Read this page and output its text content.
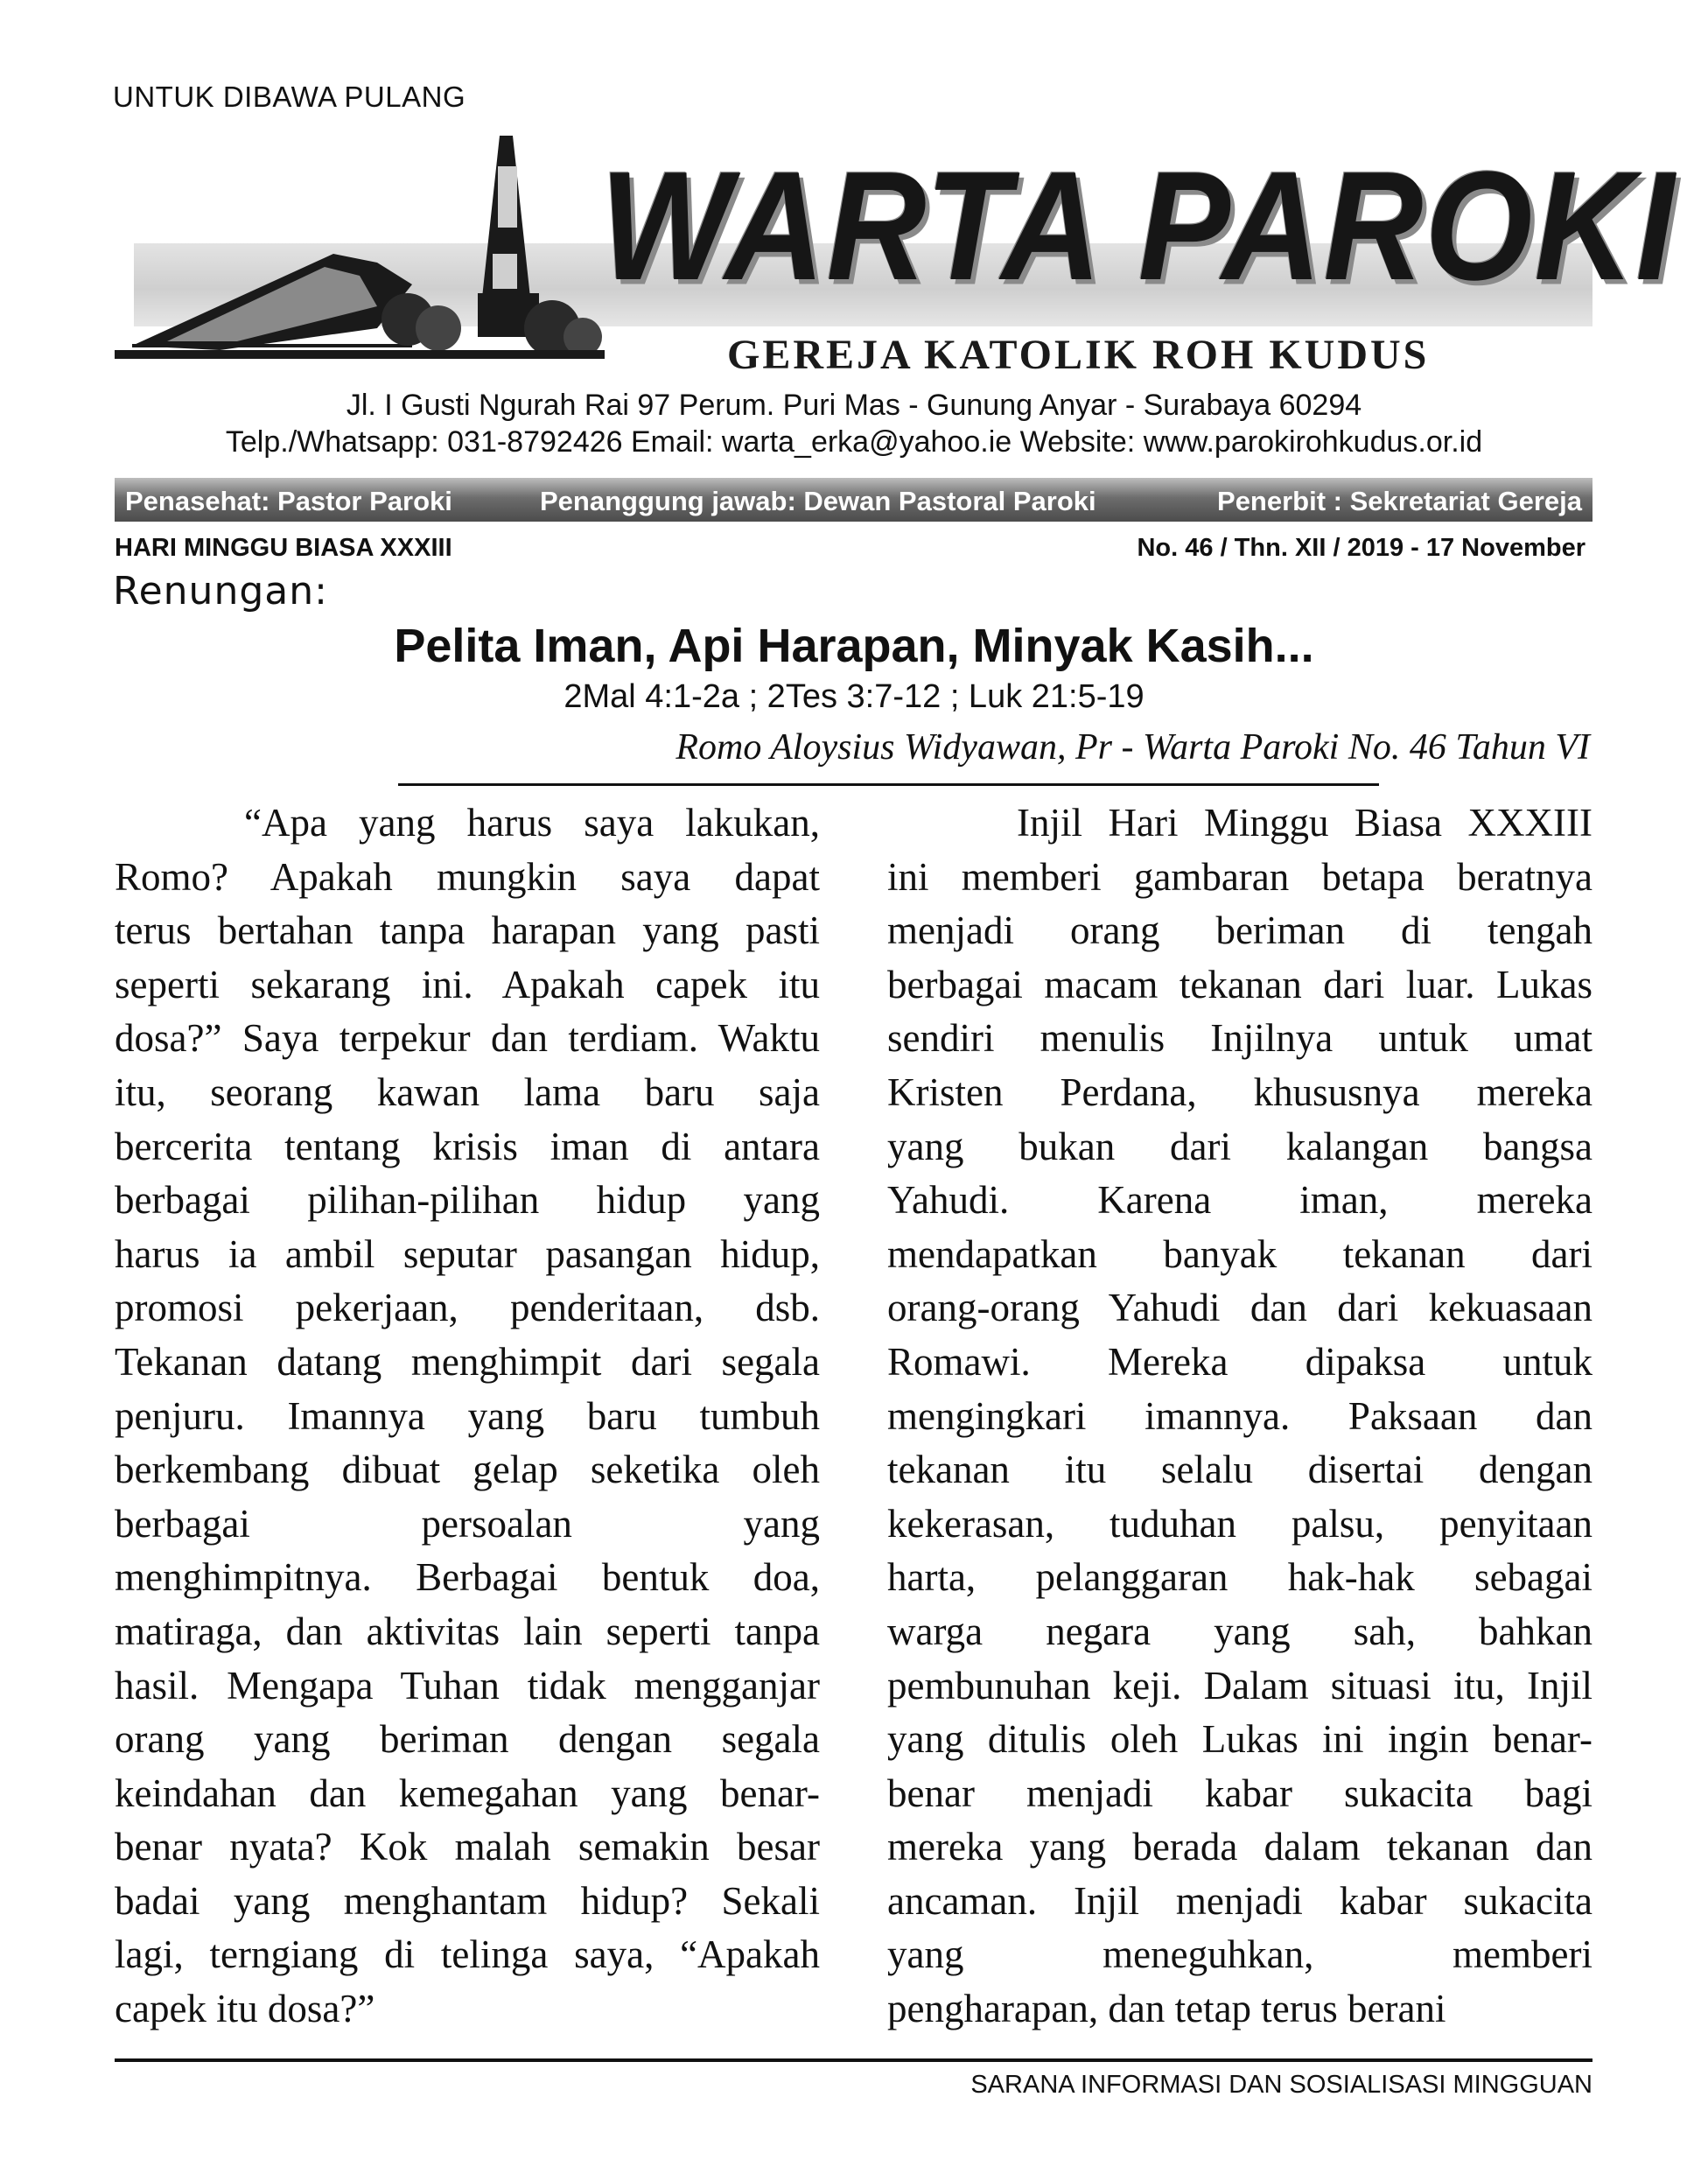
UNTUK DIBAWA PULANG
WARTA PAROKI
GEREJA KATOLIK ROH KUDUS
Jl. I Gusti Ngurah Rai 97 Perum. Puri Mas - Gunung Anyar - Surabaya 60294
Telp./Whatsapp: 031-8792426 Email: warta_erka@yahoo.ie Website: www.parokirohkudus.or.id
Penasehat: Pastor Paroki	Penanggung jawab: Dewan Pastoral Paroki	Penerbit : Sekretariat Gereja
HARI MINGGU BIASA XXXIII	No. 46 / Thn. XII / 2019 - 17 November
Renungan:
Pelita Iman, Api Harapan, Minyak Kasih...
2Mal 4:1-2a ; 2Tes 3:7-12 ; Luk 21:5-19
Romo Aloysius Widyawan, Pr - Warta Paroki No. 46 Tahun VI
“Apa yang harus saya lakukan,
Romo? Apakah mungkin saya dapat
terus bertahan tanpa harapan yang pasti
seperti sekarang ini. Apakah capek itu
dosa?” Saya terpekur dan terdiam. Waktu
itu, seorang kawan lama baru saja
bercerita tentang krisis iman di antara
berbagai pilihan-pilihan hidup yang
harus ia ambil seputar pasangan hidup,
promosi pekerjaan, penderitaan, dsb.
Tekanan datang menghimpit dari segala
penjuru. Imannya yang baru tumbuh
berkembang dibuat gelap seketika oleh
berbagai persoalan yang
menghimpitnya. Berbagai bentuk doa,
matiraga, dan aktivitas lain seperti tanpa
hasil. Mengapa Tuhan tidak mengganjar
orang yang beriman dengan segala
keindahan dan kemegahan yang benar-
benar nyata? Kok malah semakin besar
badai yang menghantam hidup? Sekali
lagi, terngiang di telinga saya, “Apakah
capek itu dosa?”
Injil Hari Minggu Biasa XXXIII
ini memberi gambaran betapa beratnya
menjadi orang beriman di tengah
berbagai macam tekanan dari luar. Lukas
sendiri menulis Injilnya untuk umat
Kristen Perdana, khususnya mereka
yang bukan dari kalangan bangsa
Yahudi. Karena iman, mereka
mendapatkan banyak tekanan dari
orang-orang Yahudi dan dari kekuasaan
Romawi. Mereka dipaksa untuk
mengingkari imannya. Paksaan dan
tekanan itu selalu disertai dengan
kekerasan, tuduhan palsu, penyitaan
harta, pelanggaran hak-hak sebagai
warga negara yang sah, bahkan
pembunuhan keji. Dalam situasi itu, Injil
yang ditulis oleh Lukas ini ingin benar-
benar menjadi kabar sukacita bagi
mereka yang berada dalam tekanan dan
ancaman. Injil menjadi kabar sukacita
yang meneguhkan, memberi
pengharapan, dan tetap terus berani
SARANA INFORMASI DAN SOSIALISASI MINGGUAN
